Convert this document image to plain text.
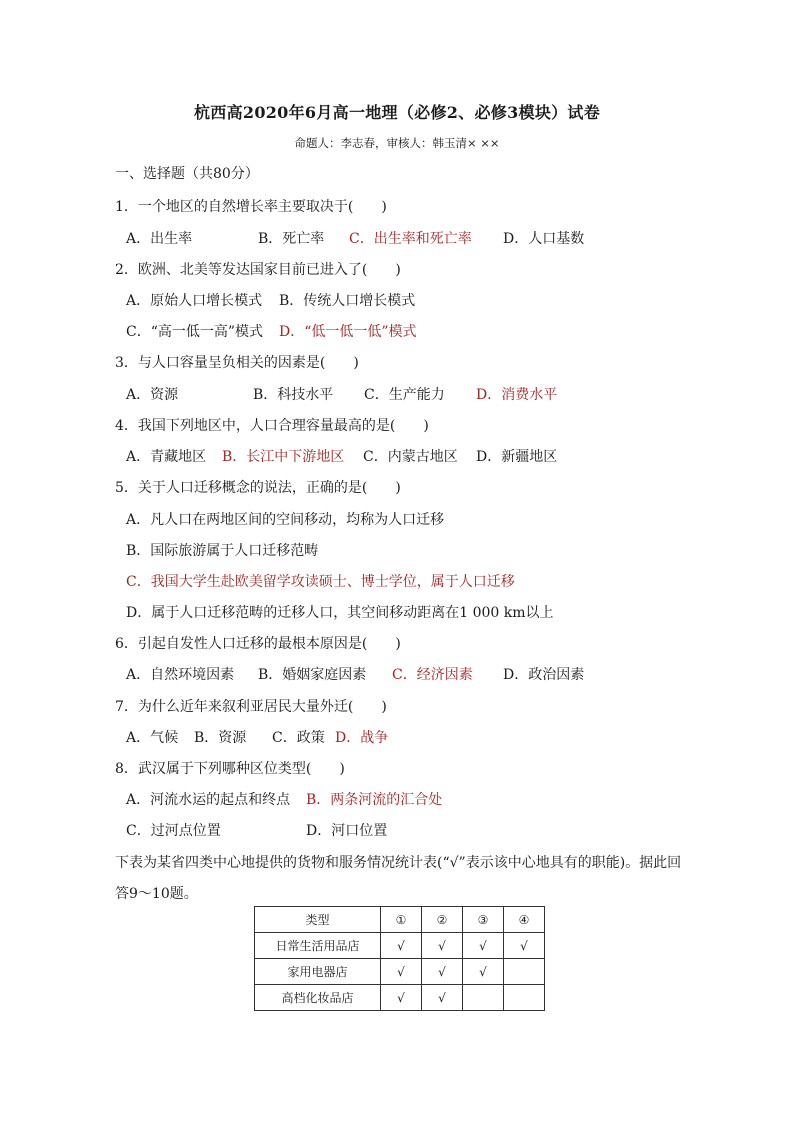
杭西高2020年6月高一地理（必修2、必修3模块）试卷
命题人：李志春，审核人：韩玉清× ××
一、选择题（共80分）
1．一个地区的自然增长率主要取决于(　　)
A．出生率	B．死亡率 C．出生率和死亡率 D．人口基数
2．欧洲、北美等发达国家目前已进入了(　　)
A．原始人口增长模式 B．传统人口增长模式
C．“高一低一高”模式 D．“低一低一低”模式
3．与人口容量呈负相关的因素是(　　)
A．资源	B．科技水平 C．生产能力 D．消费水平
4．我国下列地区中，人口合理容量最高的是(　　)
A．青藏地区 B．长江中下游地区 C．内蒙古地区 D．新疆地区
5．关于人口迁移概念的说法，正确的是(　　)
A．凡人口在两地区间的空间移动，均称为人口迁移
B．国际旅游属于人口迁移范畴
C．我国大学生赴欧美留学攻读硕士、博士学位，属于人口迁移
D．属于人口迁移范畴的迁移人口，其空间移动距离在1 000 km以上
6．引起自发性人口迁移的最根本原因是(　　)
A．自然环境因素 B．婚姻家庭因素 C．经济因素 D．政治因素
7．为什么近年来叙利亚居民大量外迁(　　)
A．气候 B．资源 C．政策 D．战争
8．武汉属于下列哪种区位类型(　　)
A．河流水运的起点和终点 B．两条河流的汇合处
C．过河点位置	D．河口位置
下表为某省四类中心地提供的货物和服务情况统计表(“√”表示该中心地具有的职能)。据此回答9～10题。
类型	①	②	③	④
日常生活用品店	√	√	√	√
家用电器店	√	√	√	
高档化妆品店	√	√		
